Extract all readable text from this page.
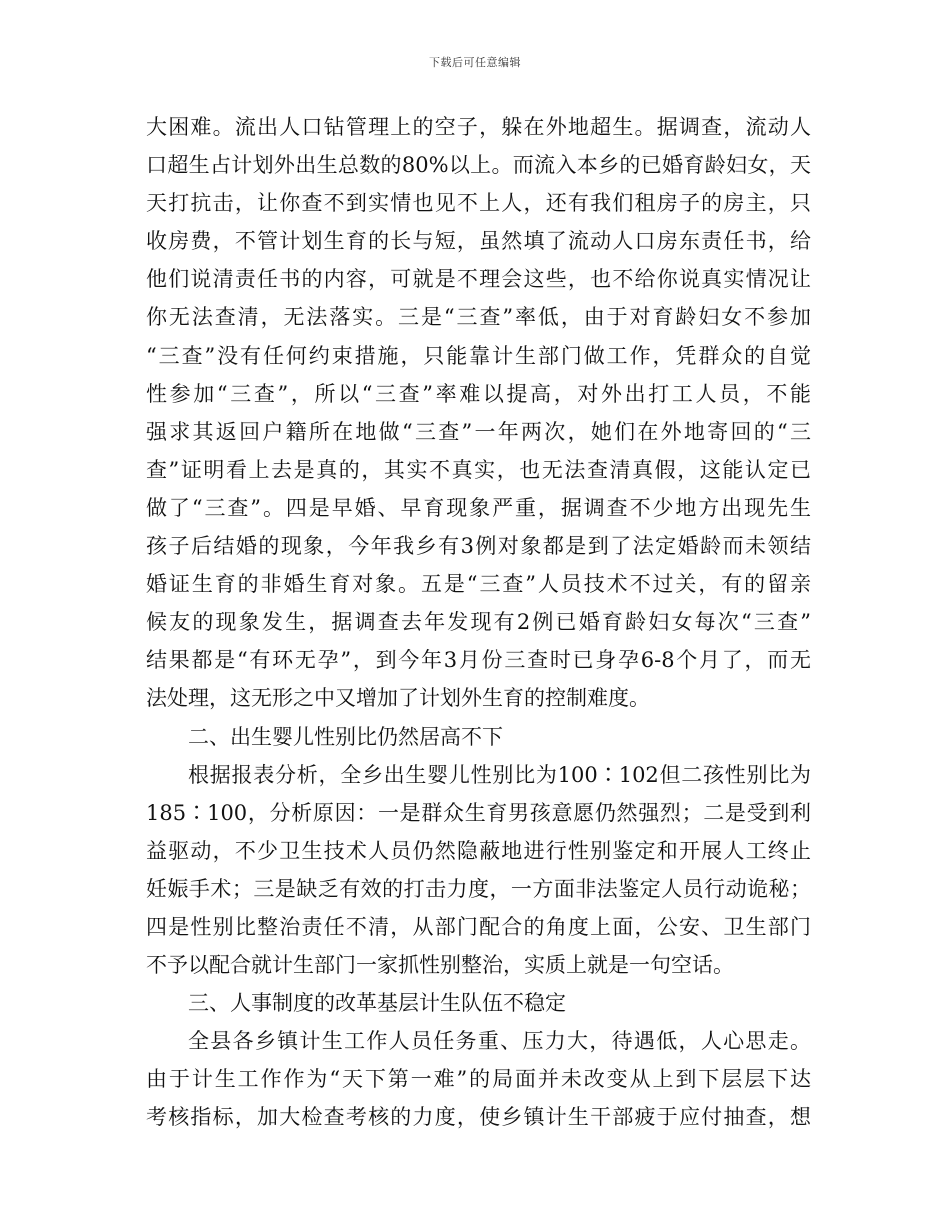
下载后可任意编辑
大困难。流出人口钻管理上的空子，躲在外地超生。据调查，流动人
口超生占计划外出生总数的80%以上。而流入本乡的已婚育龄妇女，天
天打抗击，让你查不到实情也见不上人，还有我们租房子的房主，只
收房费，不管计划生育的长与短，虽然填了流动人口房东责任书，给
他们说清责任书的内容，可就是不理会这些，也不给你说真实情况让
你无法查清，无法落实。三是“三查”率低，由于对育龄妇女不参加
“三查”没有任何约束措施，只能靠计生部门做工作，凭群众的自觉
性参加“三查”，所以“三查”率难以提高，对外出打工人员，不能
强求其返回户籍所在地做“三查”一年两次，她们在外地寄回的“三
查”证明看上去是真的，其实不真实，也无法查清真假，这能认定已
做了“三查”。四是早婚、早育现象严重，据调查不少地方出现先生
孩子后结婚的现象，今年我乡有3例对象都是到了法定婚龄而未领结
婚证生育的非婚生育对象。五是“三查”人员技术不过关，有的留亲
候友的现象发生，据调查去年发现有2例已婚育龄妇女每次“三查”
结果都是“有环无孕”，到今年3月份三查时已身孕6-8个月了，而无
法处理，这无形之中又增加了计划外生育的控制难度。
二、出生婴儿性别比仍然居高不下
根据报表分析，全乡出生婴儿性别比为100∶102但二孩性别比为
185∶100，分析原因：一是群众生育男孩意愿仍然强烈；二是受到利
益驱动，不少卫生技术人员仍然隐蔽地进行性别鉴定和开展人工终止
妊娠手术；三是缺乏有效的打击力度，一方面非法鉴定人员行动诡秘；
四是性别比整治责任不清，从部门配合的角度上面，公安、卫生部门
不予以配合就计生部门一家抓性别整治，实质上就是一句空话。
三、人事制度的改革基层计生队伍不稳定
全县各乡镇计生工作人员任务重、压力大，待遇低，人心思走。
由于计生工作作为“天下第一难”的局面并未改变从上到下层层下达
考核指标，加大检查考核的力度，使乡镇计生干部疲于应付抽查，想
